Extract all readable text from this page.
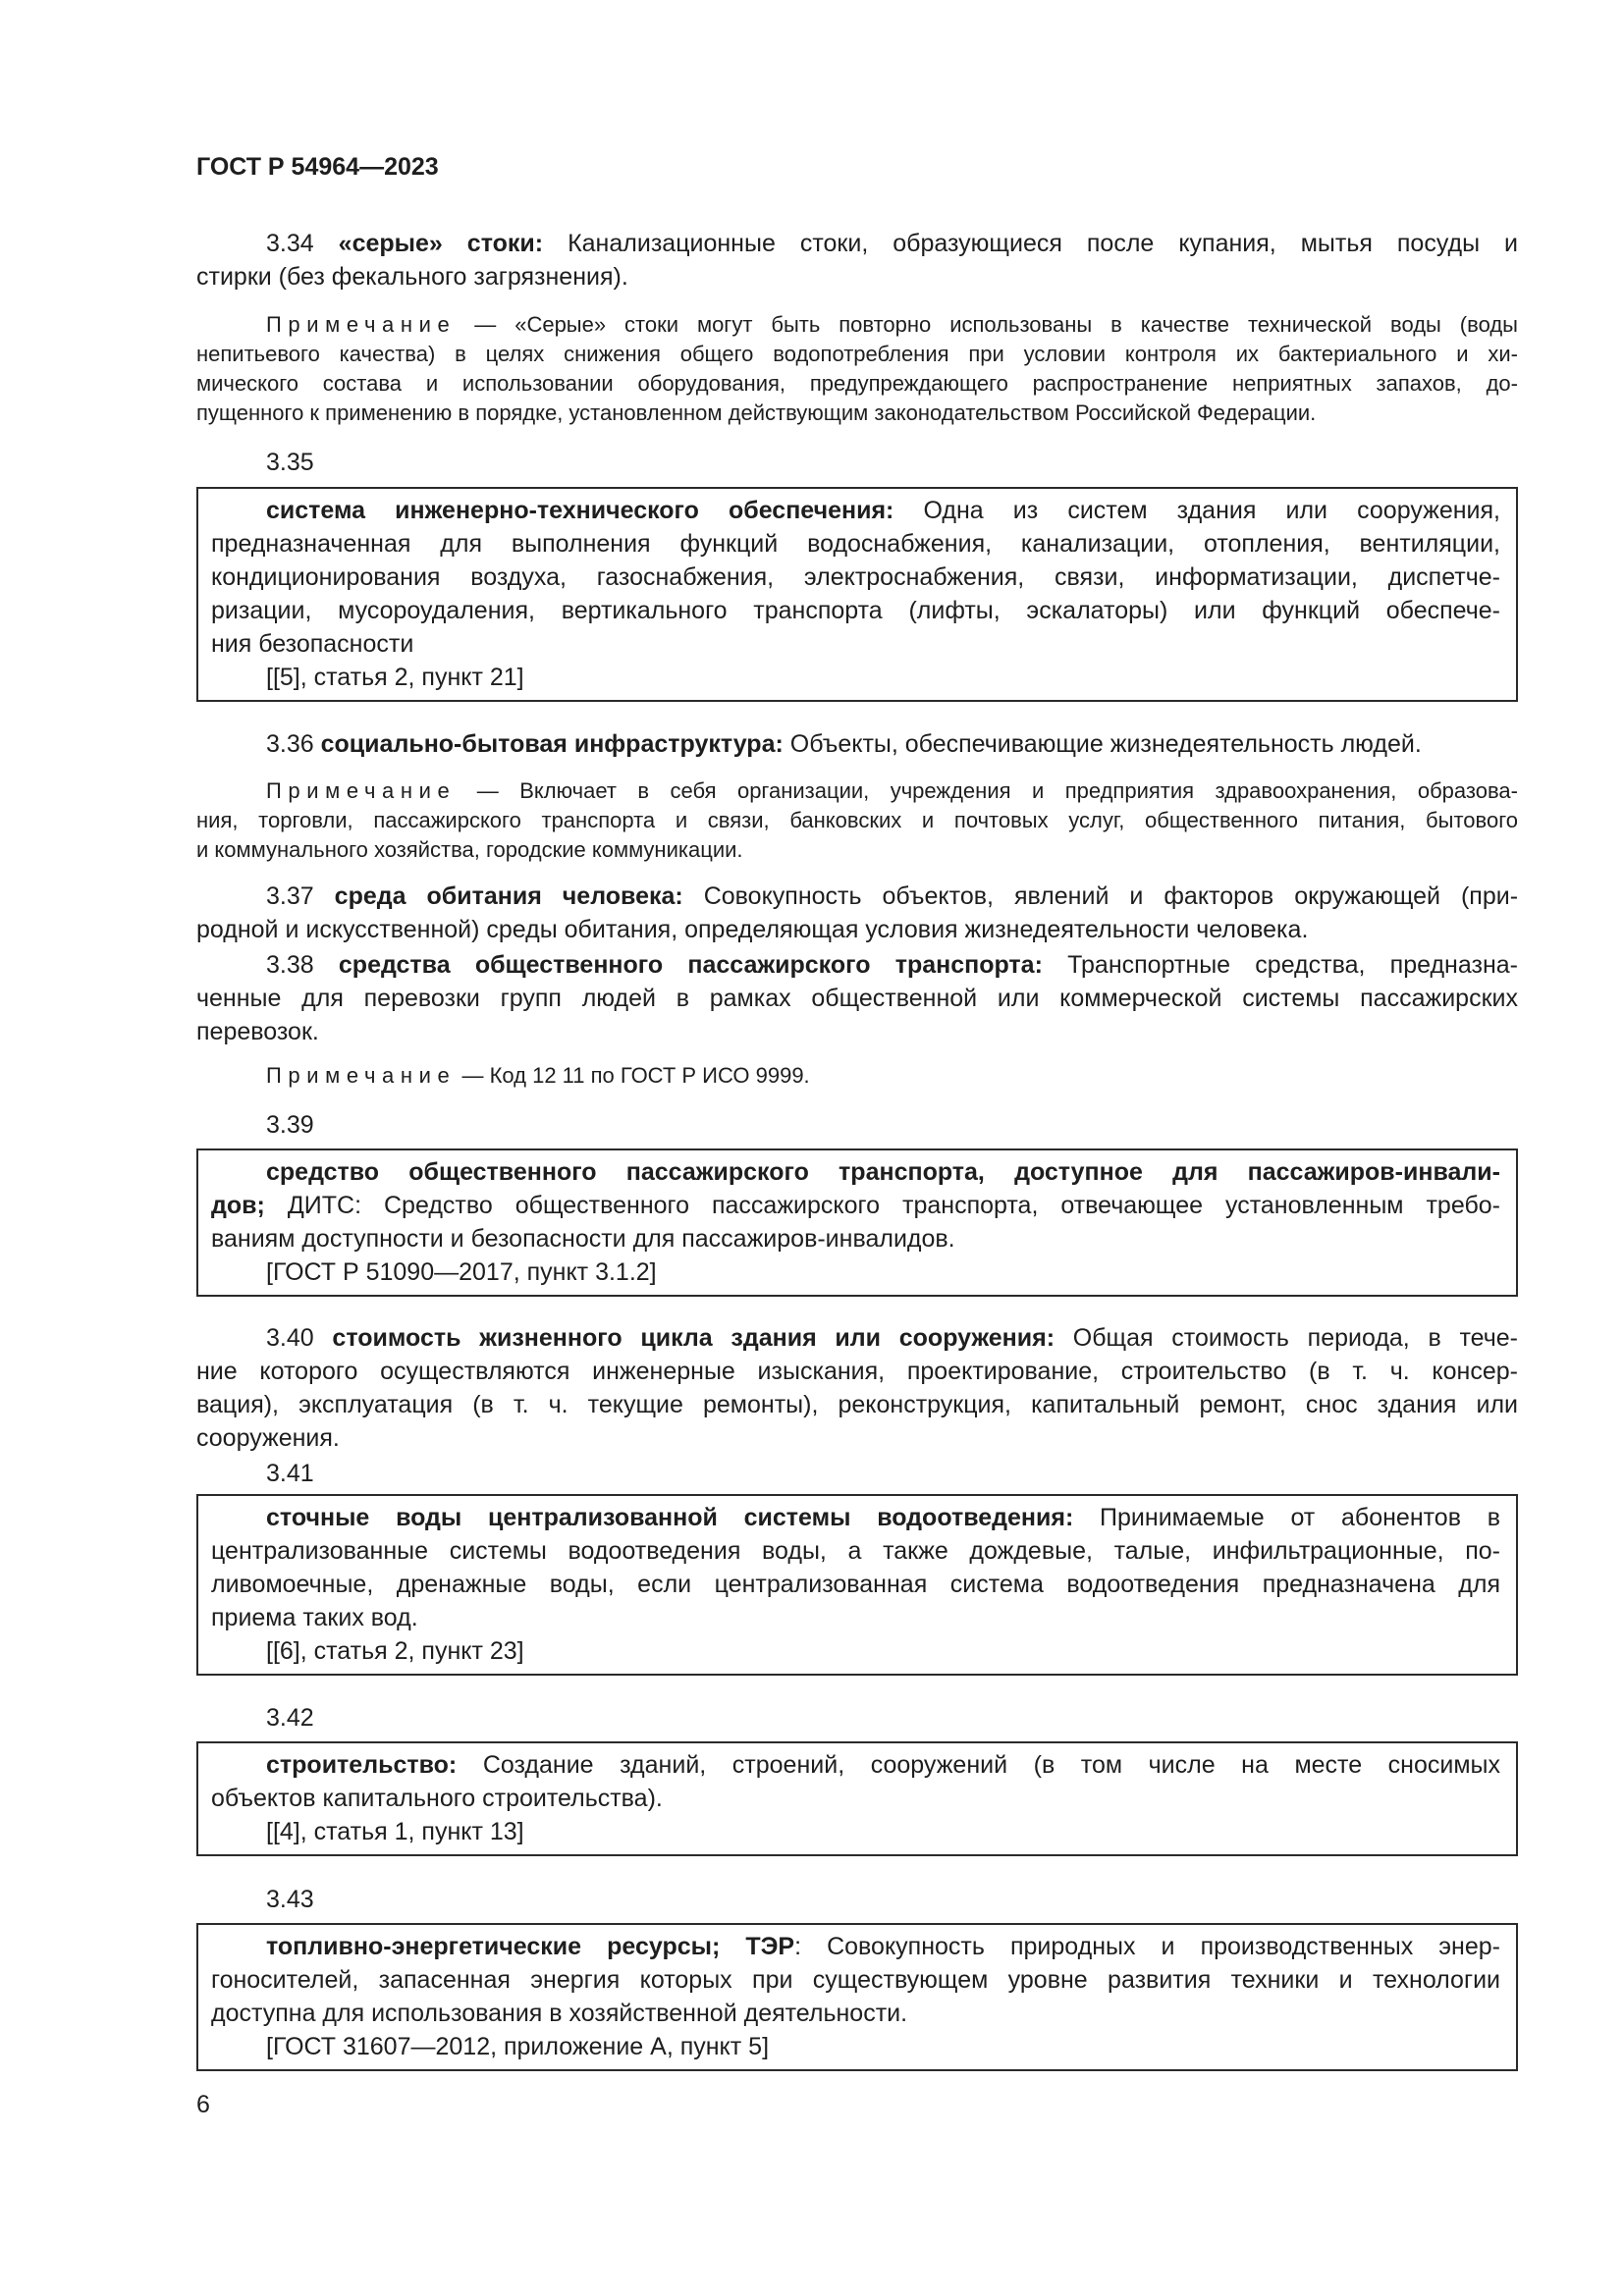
ГОСТ Р 54964—2023
3.34 «серые» стоки: Канализационные стоки, образующиеся после купания, мытья посуды и
стирки (без фекального загрязнения).
Примечание — «Серые» стоки могут быть повторно использованы в качестве технической воды (воды
непитьевого качества) в целях снижения общего водопотребления при условии контроля их бактериального и хи-
мического состава и использовании оборудования, предупреждающего распространение неприятных запахов, до-
пущенного к применению в порядке, установленном действующим законодательством Российской Федерации.
3.35
система инженерно-технического обеспечения: Одна из систем здания или сооружения,
предназначенная для выполнения функций водоснабжения, канализации, отопления, вентиляции,
кондиционирования воздуха, газоснабжения, электроснабжения, связи, информатизации, диспетче-
ризации, мусороудаления, вертикального транспорта (лифты, эскалаторы) или функций обеспече-
ния безопасности
[[5], статья 2, пункт 21]
3.36 социально-бытовая инфраструктура: Объекты, обеспечивающие жизнедеятельность людей.
Примечание — Включает в себя организации, учреждения и предприятия здравоохранения, образова-
ния, торговли, пассажирского транспорта и связи, банковских и почтовых услуг, общественного питания, бытового
и коммунального хозяйства, городские коммуникации.
3.37 среда обитания человека: Совокупность объектов, явлений и факторов окружающей (при-
родной и искусственной) среды обитания, определяющая условия жизнедеятельности человека.
3.38 средства общественного пассажирского транспорта: Транспортные средства, предназна-
ченные для перевозки групп людей в рамках общественной или коммерческой системы пассажирских
перевозок.
Примечание — Код 12 11 по ГОСТ Р ИСО 9999.
3.39
средство общественного пассажирского транспорта, доступное для пассажиров-инвали-
дов; ДИТС: Средство общественного пассажирского транспорта, отвечающее установленным требо-
ваниям доступности и безопасности для пассажиров-инвалидов.
[ГОСТ Р 51090—2017, пункт 3.1.2]
3.40 стоимость жизненного цикла здания или сооружения: Общая стоимость периода, в тече-
ние которого осуществляются инженерные изыскания, проектирование, строительство (в т. ч. консер-
вация), эксплуатация (в т. ч. текущие ремонты), реконструкция, капитальный ремонт, снос здания или
сооружения.
3.41
сточные воды централизованной системы водоотведения: Принимаемые от абонентов в
централизованные системы водоотведения воды, а также дождевые, талые, инфильтрационные, по-
ливомоечные, дренажные воды, если централизованная система водоотведения предназначена для
приема таких вод.
[[6], статья 2, пункт 23]
3.42
строительство: Создание зданий, строений, сооружений (в том числе на месте сносимых
объектов капитального строительства).
[[4], статья 1, пункт 13]
3.43
топливно-энергетические ресурсы; ТЭР: Совокупность природных и производственных энер-
гоносителей, запасенная энергия которых при существующем уровне развития техники и технологии
доступна для использования в хозяйственной деятельности.
[ГОСТ 31607—2012, приложение А, пункт 5]
6
